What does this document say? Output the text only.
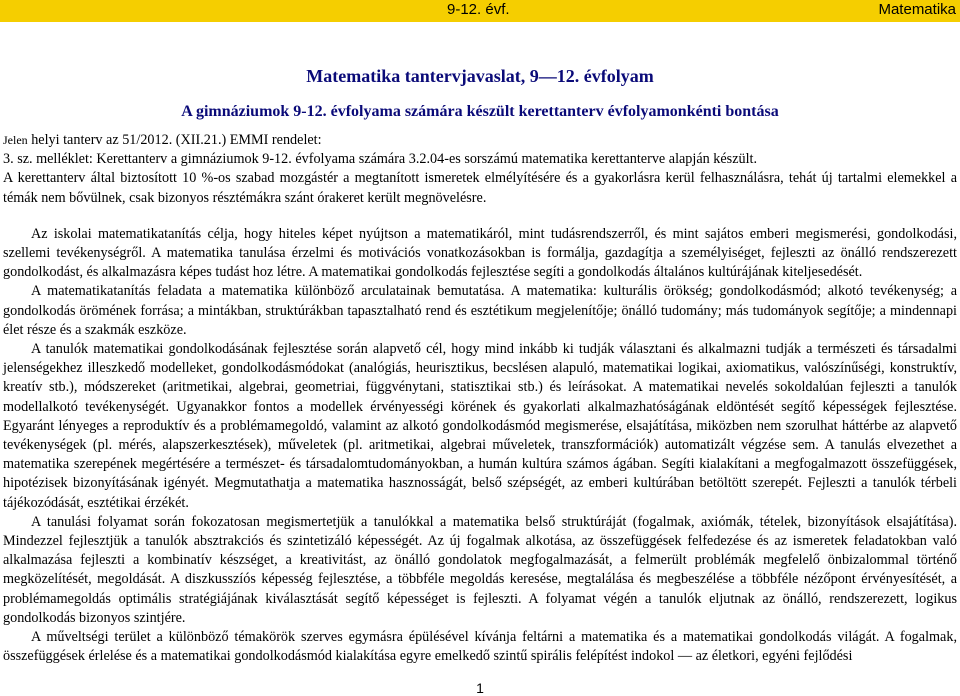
9-12. évf.	Matematika
Matematika tantervjavaslat, 9—12. évfolyam
A gimnáziumok 9-12. évfolyama számára készült kerettanterv évfolyamonkénti bontása

Jelen helyi tanterv az 51/2012. (XII.21.) EMMI rendelet:

3. sz. melléklet: Kerettanterv a gimnáziumok 9-12. évfolyama számára 3.2.04-es sorszámú matematika kerettanterve alapján készült.

A kerettanterv által biztosított 10 %-os szabad mozgástér a megtanított ismeretek elmélyítésére és a gyakorlásra kerül felhasználásra, tehát új tartalmi elemekkel a témák nem bővülnek, csak bizonyos résztémákra szánt órakeret került megnövelésre.

Az iskolai matematikatanítás célja, hogy hiteles képet nyújtson a matematikáról, mint tudásrendszerről, és mint sajátos emberi megismerési, gondolkodási, szellemi tevékenységről. A matematika tanulása érzelmi és motivációs vonatkozásokban is formálja, gazdagítja a személyiséget, fejleszti az önálló rendszerezett gondolkodást, és alkalmazásra képes tudást hoz létre. A matematikai gondolkodás fejlesztése segíti a gondolkodás általános kultúrájának kiteljesedését.

A matematikatanítás feladata a matematika különböző arculatainak bemutatása. A matematika: kulturális örökség; gondolkodásmód; alkotó tevékenység; a gondolkodás örömének forrása; a mintákban, struktúrákban tapasztalható rend és esztétikum megjelenítője; önálló tudomány; más tudományok segítője; a mindennapi élet része és a szakmák eszköze.

A tanulók matematikai gondolkodásának fejlesztése során alapvető cél, hogy mind inkább ki tudják választani és alkalmazni tudják a természeti és társadalmi jelenségekhez illeszkedő modelleket, gondolkodásmódokat (analógiás, heurisztikus, becslésen alapuló, matematikai logikai, axiomatikus, valószínűségi, konstruktív, kreatív stb.), módszereket (aritmetikai, algebrai, geometriai, függvénytani, statisztikai stb.) és leírásokat. A matematikai nevelés sokoldalúan fejleszti a tanulók modellalkotó tevékenységét. Ugyanakkor fontos a modellek érvényességi körének és gyakorlati alkalmazhatóságának eldöntését segítő képességek fejlesztése. Egyaránt lényeges a reproduktív és a problémamegoldó, valamint az alkotó gondolkodásmód megismerése, elsajátítása, miközben nem szorulhat háttérbe az alapvető tevékenységek (pl. mérés, alapszerkesztések), műveletek (pl. aritmetikai, algebrai műveletek, transzformációk) automatizált végzése sem. A tanulás elvezethet a matematika szerepének megértésére a természet- és társadalomtudományokban, a humán kultúra számos ágában. Segíti kialakítani a megfogalmazott összefüggések, hipotézisek bizonyításának igényét. Megmutathatja a matematika hasznosságát, belső szépségét, az emberi kultúrában betöltött szerepét. Fejleszti a tanulók térbeli tájékozódását, esztétikai érzékét.

A tanulási folyamat során fokozatosan megismertetjük a tanulókkal a matematika belső struktúráját (fogalmak, axiómák, tételek, bizonyítások elsajátítása). Mindezzel fejlesztjük a tanulók absztrakciós és szintetizáló képességét. Az új fogalmak alkotása, az összefüggések felfedezése és az ismeretek feladatokban való alkalmazása fejleszti a kombinatív készséget, a kreativitást, az önálló gondolatok megfogalmazását, a felmerült problémák megfelelő önbizalommal történő megközelítését, megoldását. A diszkusszíós képesség fejlesztése, a többféle megoldás keresése, megtalálása és megbeszélése a többféle nézőpont érvényesítését, a problémamegoldás optimális stratégiájának kiválasztását segítő képességet is fejleszti. A folyamat végén a tanulók eljutnak az önálló, rendszerezett, logikus gondolkodás bizonyos szintjére.

A műveltségi terület a különböző témakörök szerves egymásra épülésével kívánja feltárni a matematika és a matematikai gondolkodás világát. A fogalmak, összefüggések érlelése és a matematikai gondolkodásmód kialakítása egyre emelkedő szintű spirális felépítést indokol — az életkori, egyéni fejlődési

1
